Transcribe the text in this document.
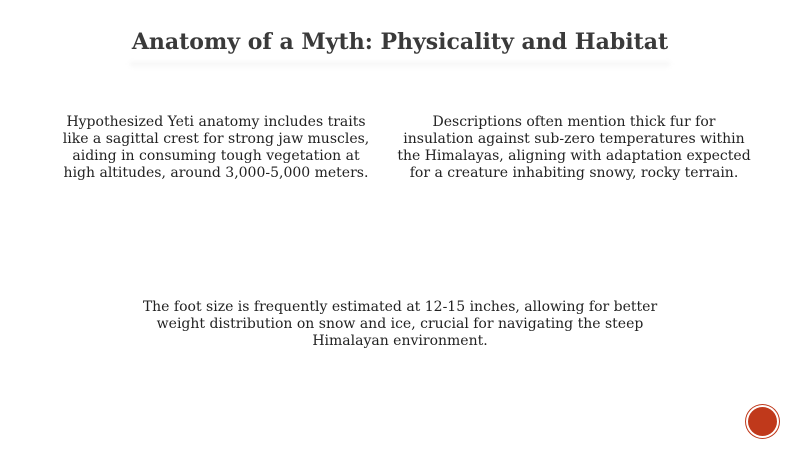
Anatomy of a Myth: Physicality and Habitat

Hypothesized Yeti anatomy includes traits like a sagittal crest for strong jaw muscles, aiding in consuming tough vegetation at high altitudes, around 3,000-5,000 meters.

Descriptions often mention thick fur for insulation against sub-zero temperatures within the Himalayas, aligning with adaptation expected for a creature inhabiting snowy, rocky terrain.

The foot size is frequently estimated at 12-15 inches, allowing for better weight distribution on snow and ice, crucial for navigating the steep Himalayan environment.
